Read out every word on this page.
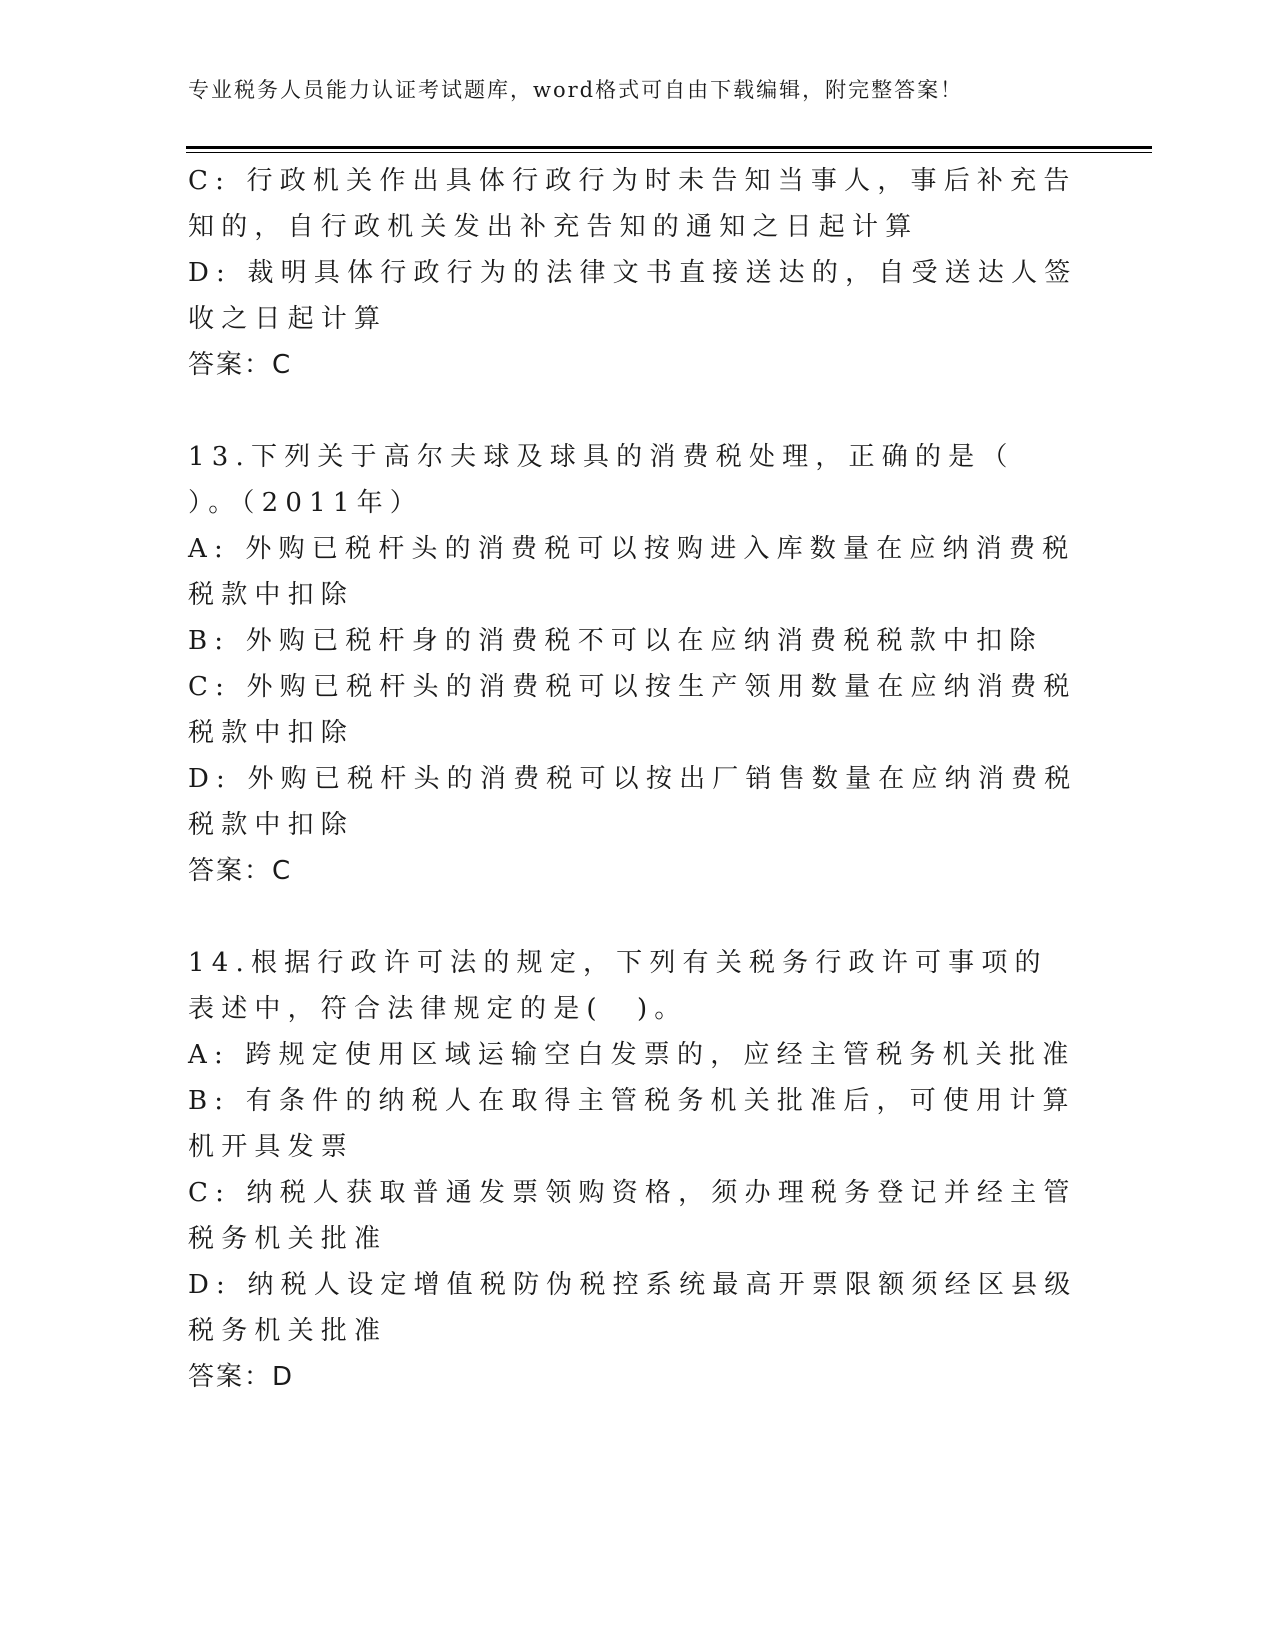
专业税务人员能力认证考试题库，word格式可自由下载编辑，附完整答案！

C: 行政机关作出具体行政行为时未告知当事人，事后补充告知的，自行政机关发出补充告知的通知之日起计算

D: 裁明具体行政行为的法律文书直接送达的，自受送达人签收之日起计算

答案：C

13.下列关于高尔夫球及球具的消费税处理，正确的是（　　）。（2011年）

A: 外购已税杆头的消费税可以按购进入库数量在应纳消费税税款中扣除

B: 外购已税杆身的消费税不可以在应纳消费税税款中扣除

C: 外购已税杆头的消费税可以按生产领用数量在应纳消费税税款中扣除

D: 外购已税杆头的消费税可以按出厂销售数量在应纳消费税税款中扣除

答案：C

14.根据行政许可法的规定，下列有关税务行政许可事项的表述中，符合法律规定的是(　)。

A: 跨规定使用区域运输空白发票的，应经主管税务机关批准

B: 有条件的纳税人在取得主管税务机关批准后，可使用计算机开具发票

C: 纳税人获取普通发票领购资格，须办理税务登记并经主管税务机关批准

D: 纳税人设定增值税防伪税控系统最高开票限额须经区县级税务机关批准

答案：D
